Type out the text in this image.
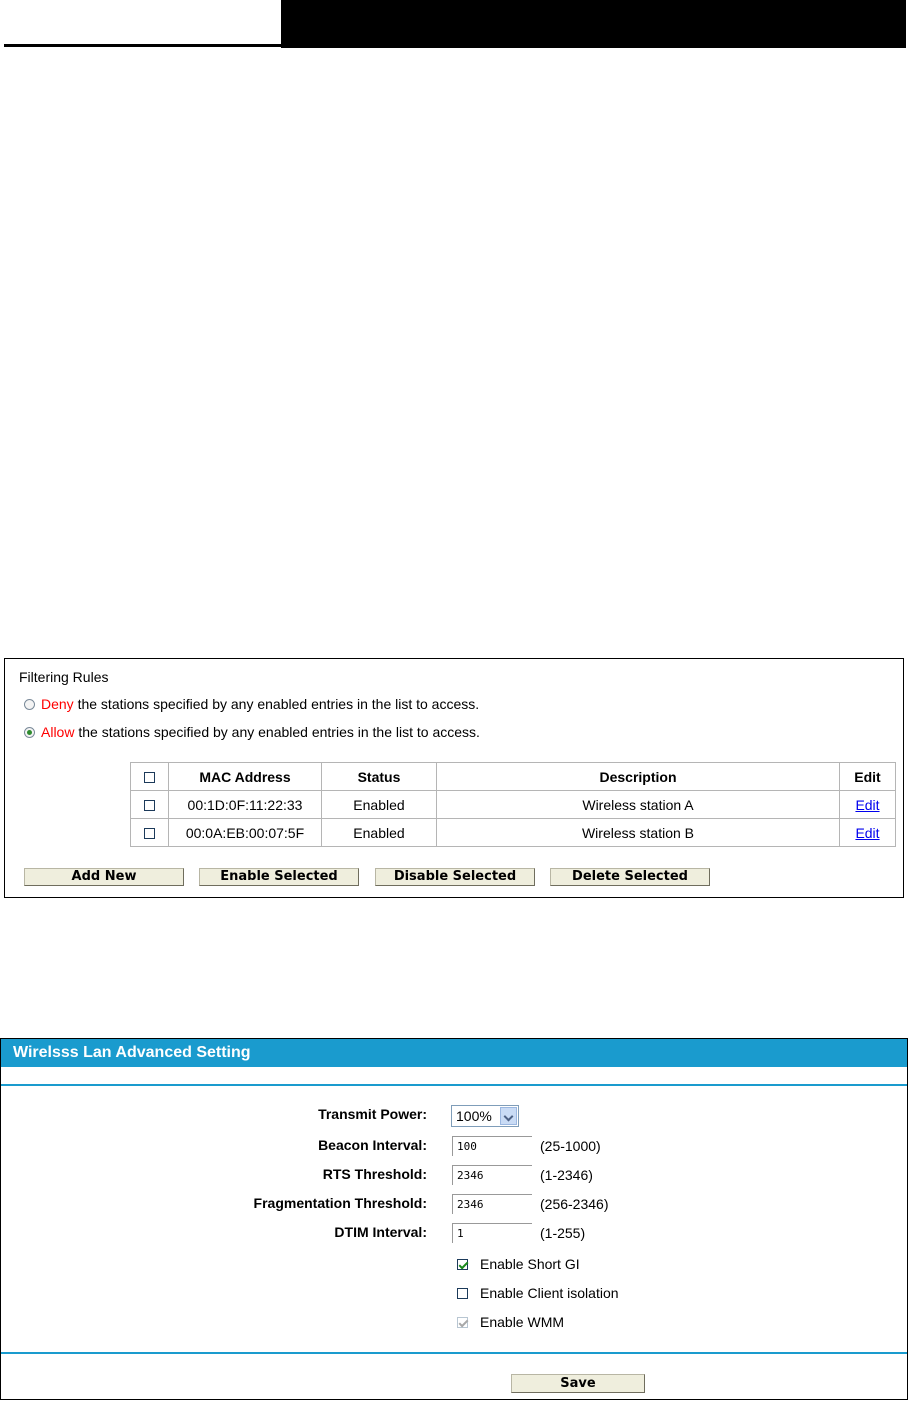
Filtering Rules
Deny the stations specified by any enabled entries in the list to access.
Allow the stations specified by any enabled entries in the list to access.
	MAC Address	Status	Description	Edit
	00:1D:0F:11:22:33	Enabled	Wireless station A	Edit
	00:0A:EB:00:07:5F	Enabled	Wireless station B	Edit
Add New	Enable Selected	Disable Selected	Delete Selected
Wirelsss Lan Advanced Setting
Transmit Power:	100%
Beacon Interval:
100	(25-1000)
RTS Threshold:
2346	(1-2346)
Fragmentation Threshold:
2346	(256-2346)
DTIM Interval:
1	(1-255)
Enable Short GI
Enable Client isolation
Enable WMM
Save
